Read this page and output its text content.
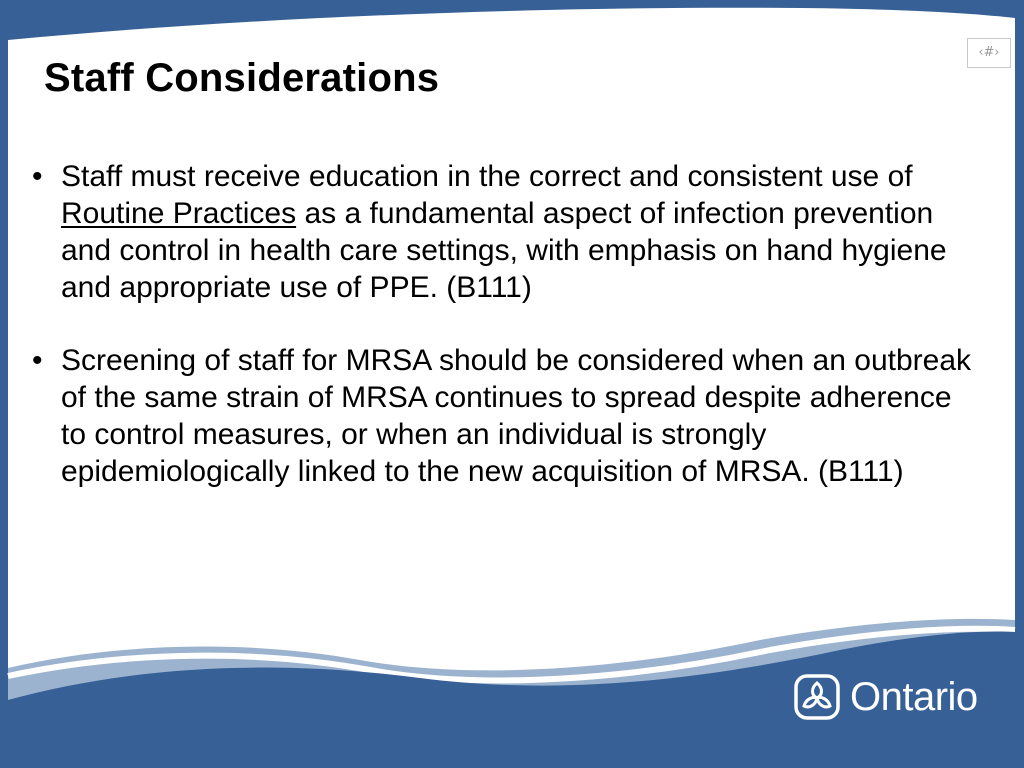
‹#›
Staff Considerations
• Staff must receive education in the correct and consistent use of Routine Practices as a fundamental aspect of infection prevention and control in health care settings, with emphasis on hand hygiene and appropriate use of PPE. (B111)
• Screening of staff for MRSA should be considered when an outbreak of the same strain of MRSA continues to spread despite adherence to control measures, or when an individual is strongly epidemiologically linked to the new acquisition of MRSA. (B111)
Ontario
